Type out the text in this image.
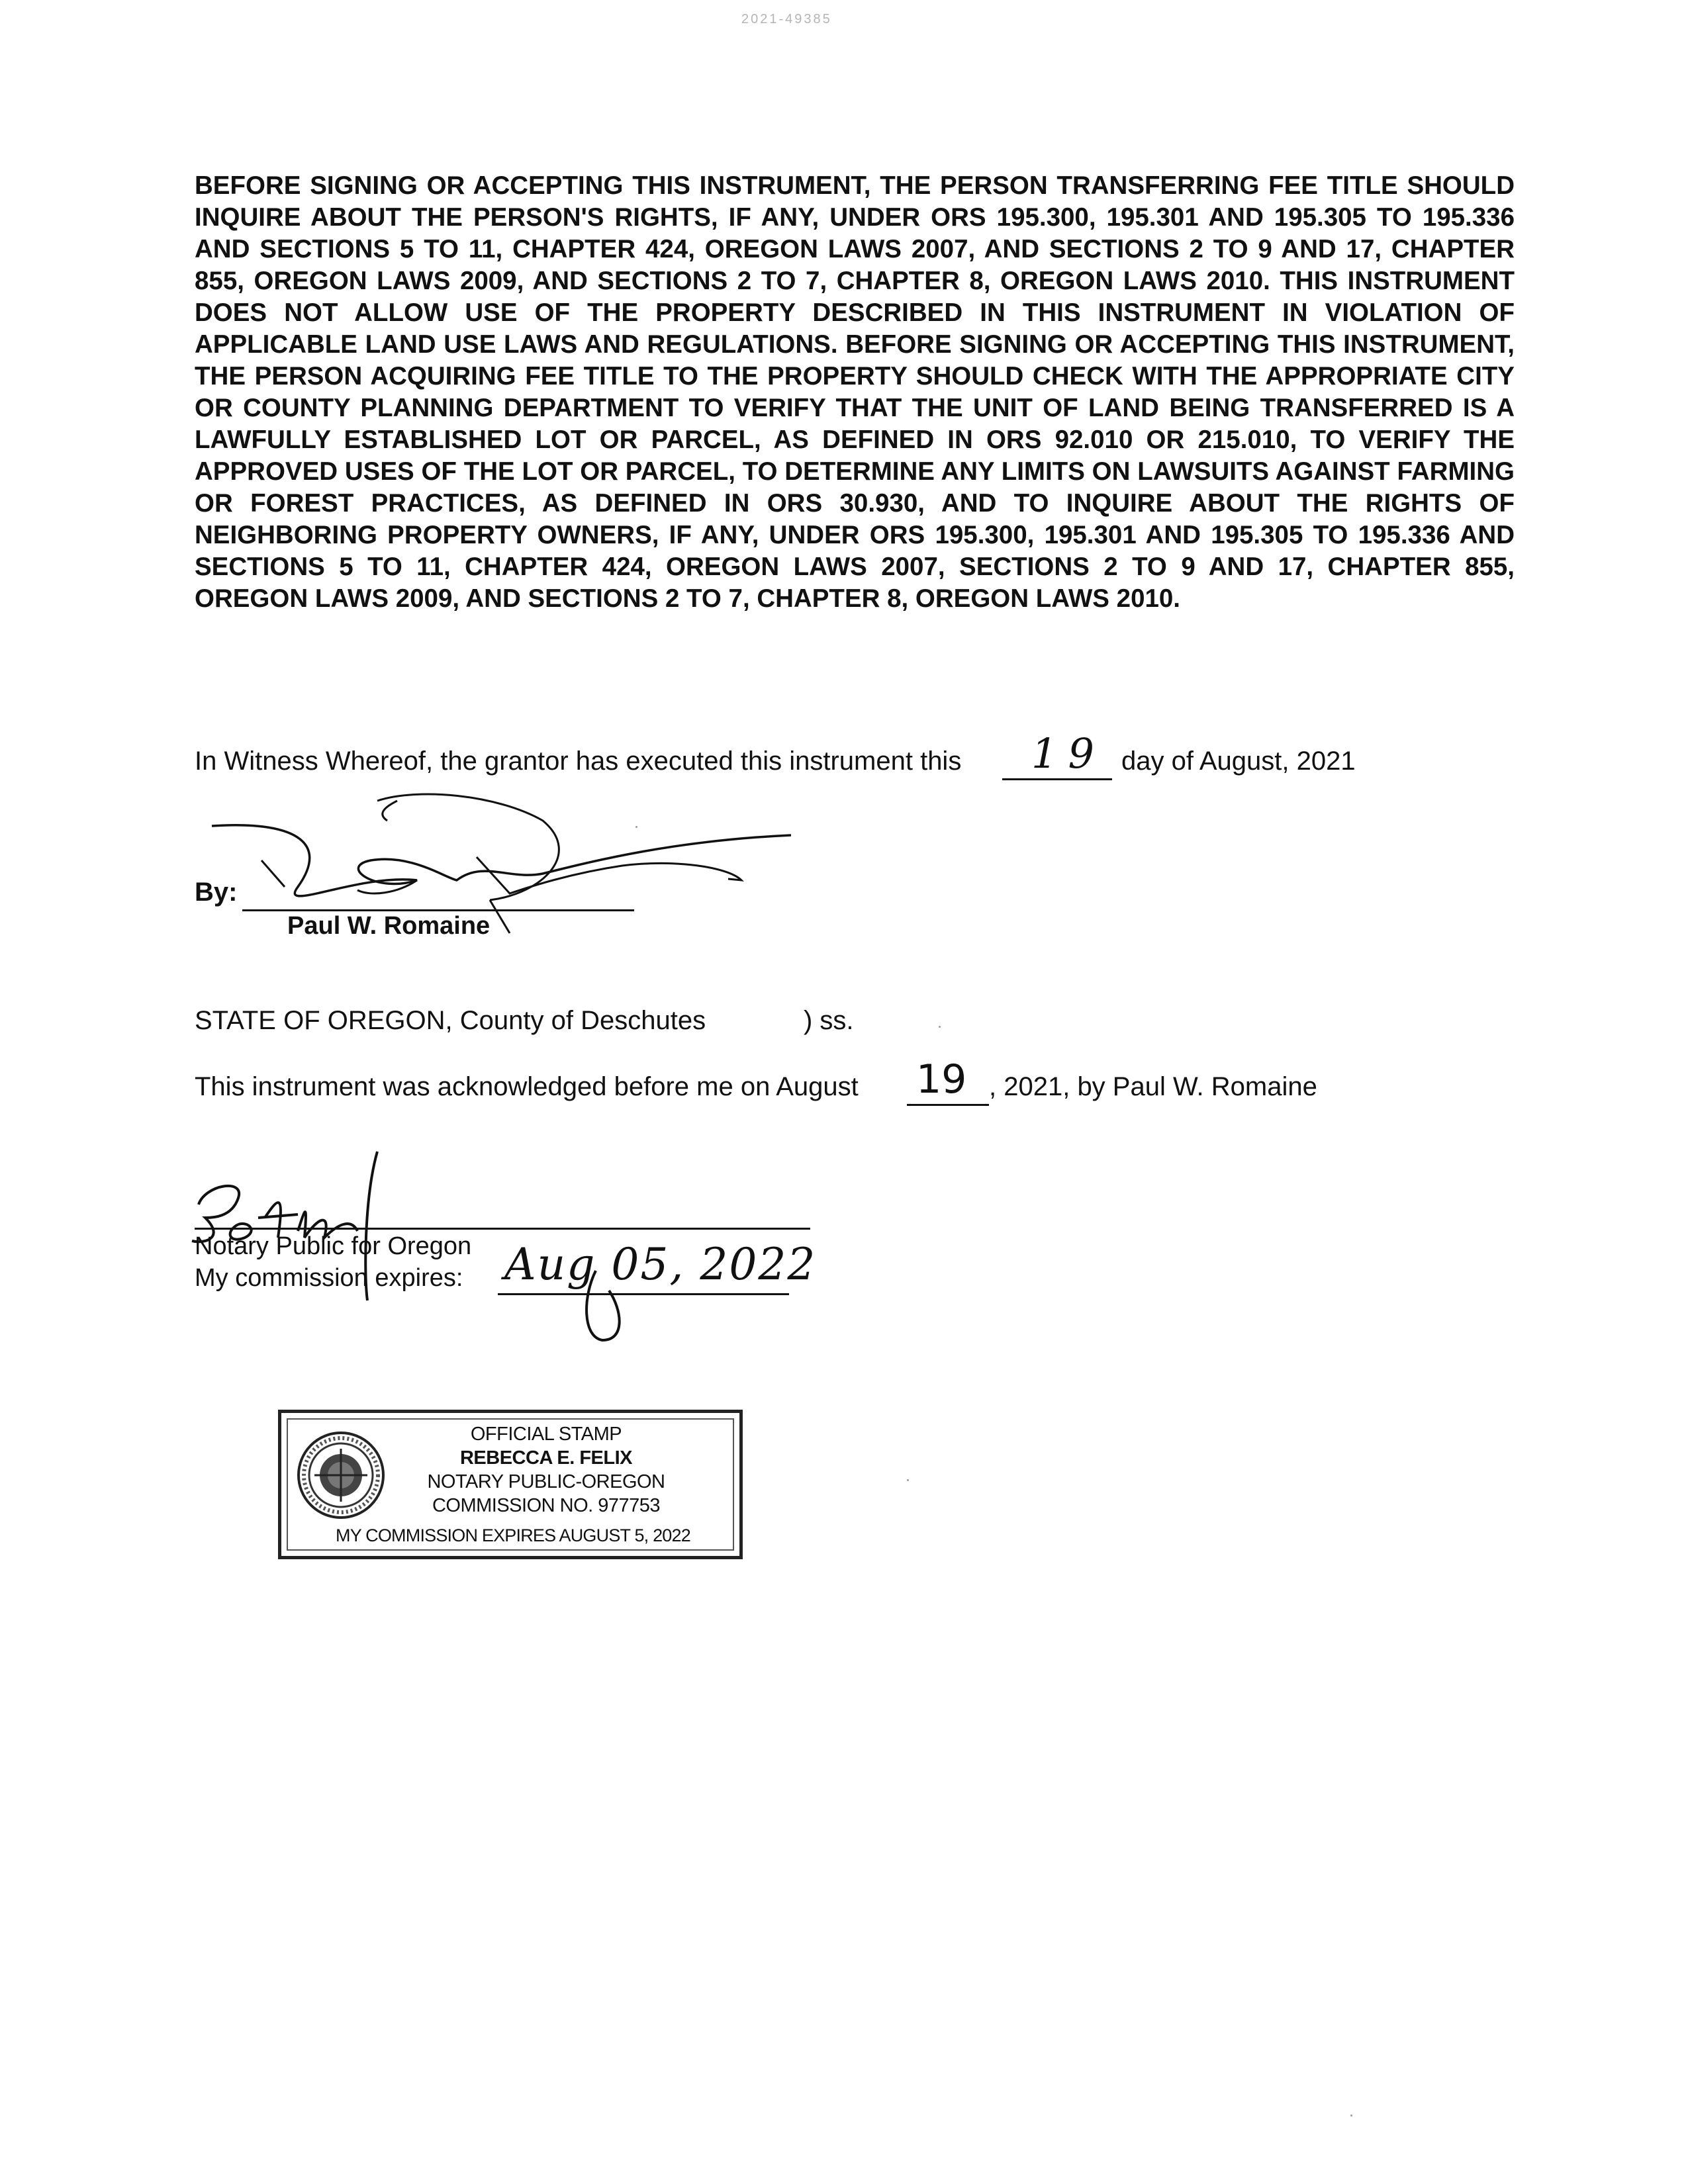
2021-49385

BEFORE SIGNING OR ACCEPTING THIS INSTRUMENT, THE PERSON TRANSFERRING FEE TITLE SHOULD INQUIRE ABOUT THE PERSON'S RIGHTS, IF ANY, UNDER ORS 195.300, 195.301 AND 195.305 TO 195.336 AND SECTIONS 5 TO 11, CHAPTER 424, OREGON LAWS 2007, AND SECTIONS 2 TO 9 AND 17, CHAPTER 855, OREGON LAWS 2009, AND SECTIONS 2 TO 7, CHAPTER 8, OREGON LAWS 2010. THIS INSTRUMENT DOES NOT ALLOW USE OF THE PROPERTY DESCRIBED IN THIS INSTRUMENT IN VIOLATION OF APPLICABLE LAND USE LAWS AND REGULATIONS. BEFORE SIGNING OR ACCEPTING THIS INSTRUMENT, THE PERSON ACQUIRING FEE TITLE TO THE PROPERTY SHOULD CHECK WITH THE APPROPRIATE CITY OR COUNTY PLANNING DEPARTMENT TO VERIFY THAT THE UNIT OF LAND BEING TRANSFERRED IS A LAWFULLY ESTABLISHED LOT OR PARCEL, AS DEFINED IN ORS 92.010 OR 215.010, TO VERIFY THE APPROVED USES OF THE LOT OR PARCEL, TO DETERMINE ANY LIMITS ON LAWSUITS AGAINST FARMING OR FOREST PRACTICES, AS DEFINED IN ORS 30.930, AND TO INQUIRE ABOUT THE RIGHTS OF NEIGHBORING PROPERTY OWNERS, IF ANY, UNDER ORS 195.300, 195.301 AND 195.305 TO 195.336 AND SECTIONS 5 TO 11, CHAPTER 424, OREGON LAWS 2007, SECTIONS 2 TO 9 AND 17, CHAPTER 855, OREGON LAWS 2009, AND SECTIONS 2 TO 7, CHAPTER 8, OREGON LAWS 2010.

In Witness Whereof, the grantor has executed this instrument this	19 day of August, 2021
By:
Paul W. Romaine
STATE OF OREGON, County of Deschutes	) ss.
This instrument was acknowledged before me on August 19 , 2021, by Paul W. Romaine
Notary Public for Oregon
My commission expires: Aug 05, 2022
OFFICIAL STAMP
REBECCA E. FELIX
NOTARY PUBLIC-OREGON
COMMISSION NO. 977753
MY COMMISSION EXPIRES AUGUST 5, 2022
